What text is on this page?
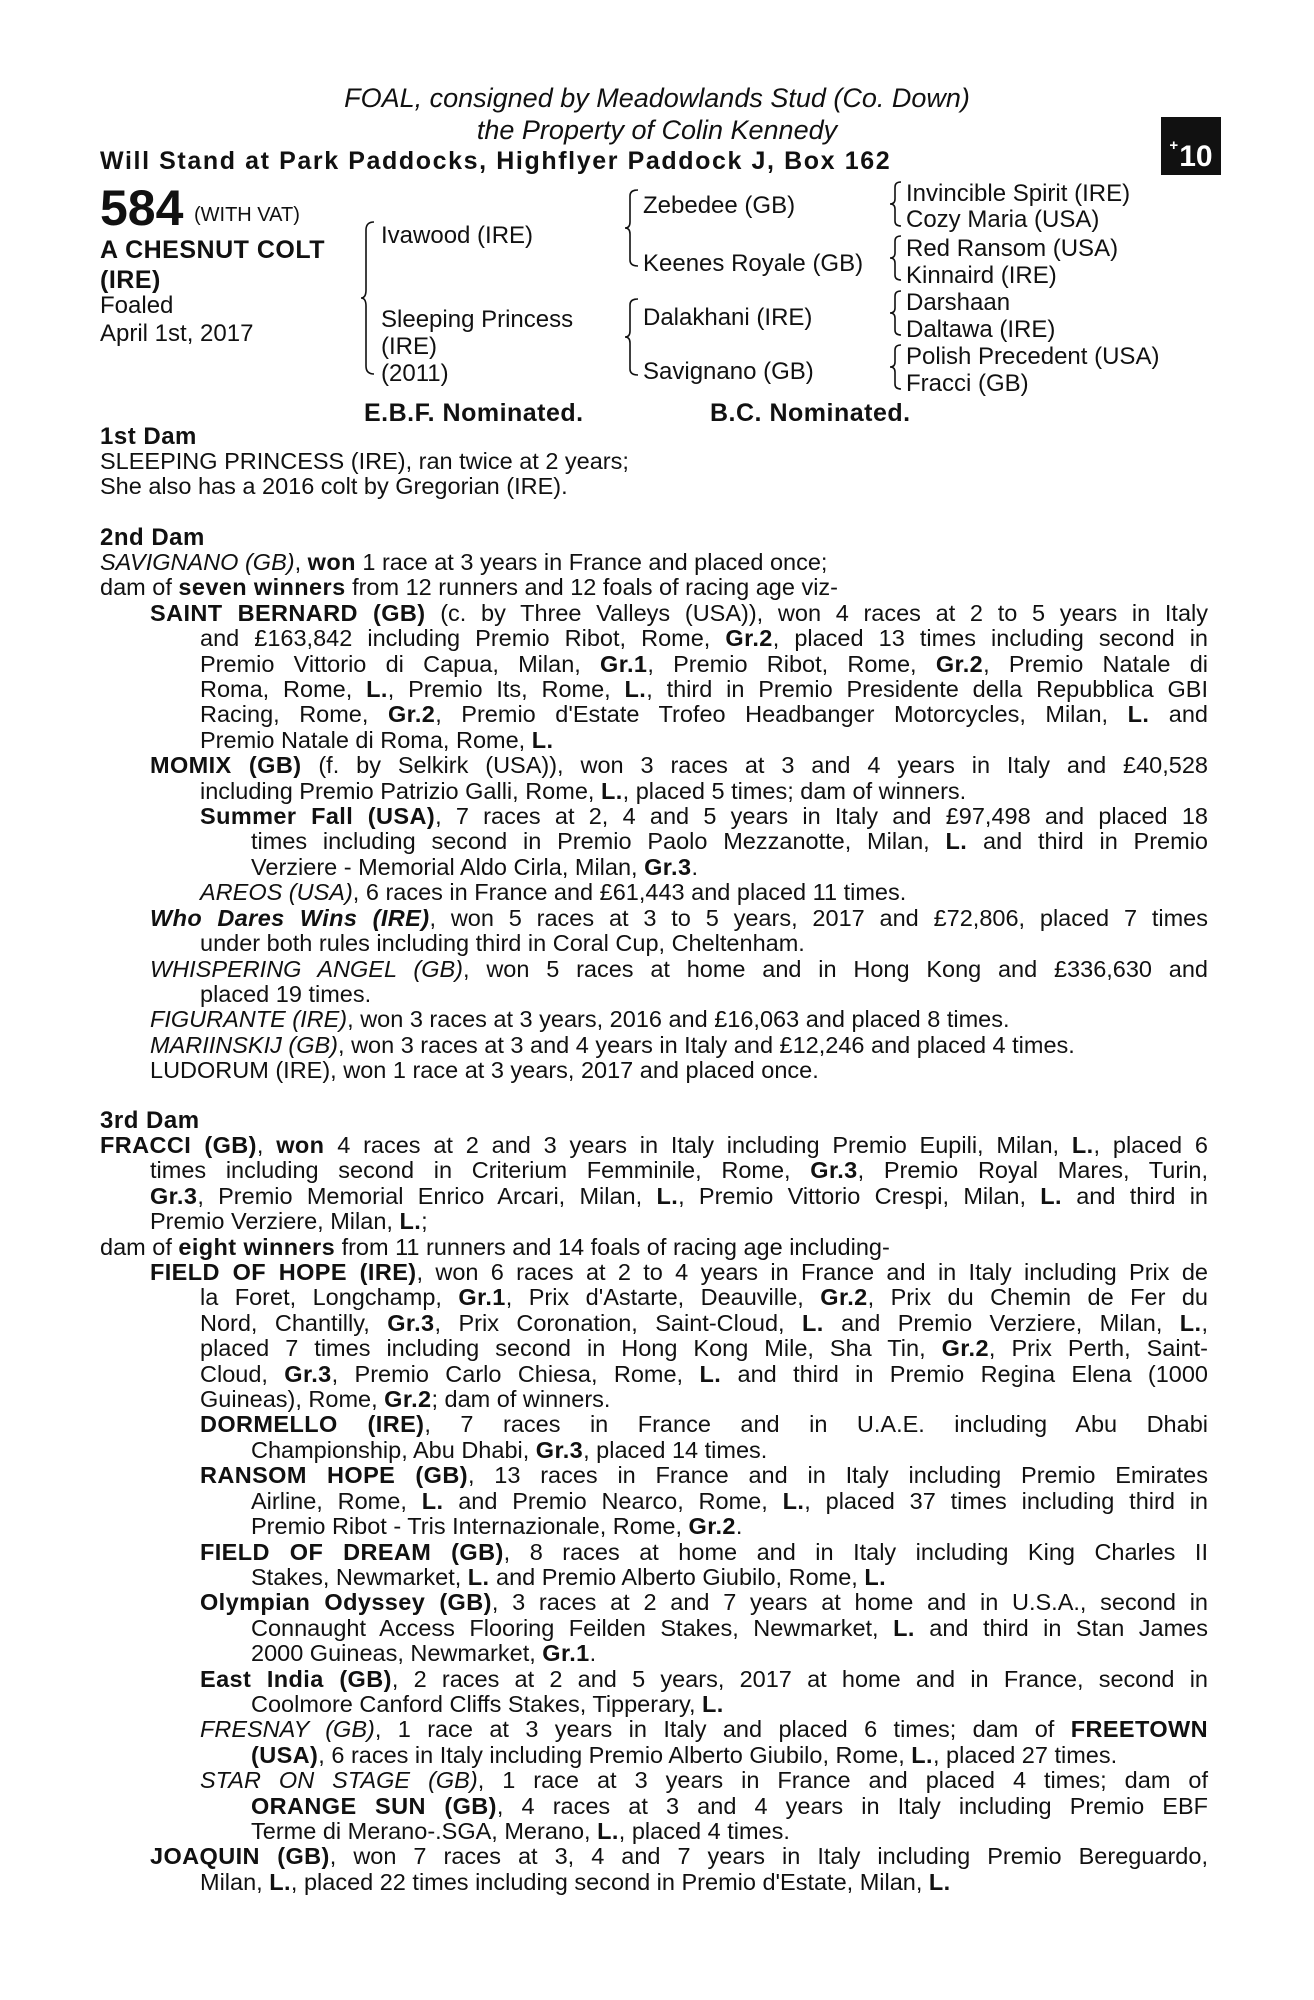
FOAL, consigned by Meadowlands Stud (Co. Down)
the Property of Colin Kennedy
Will Stand at Park Paddocks, Highflyer Paddock J, Box 162
+10
584 (WITH VAT)
A CHESNUT COLT
(IRE)
Foaled
April 1st, 2017
Ivawood (IRE)
Sleeping Princess
(IRE)
(2011)
Zebedee (GB)
Keenes Royale (GB)
Dalakhani (IRE)
Savignano (GB)
Invincible Spirit (IRE)
Cozy Maria (USA)
Red Ransom (USA)
Kinnaird (IRE)
Darshaan
Daltawa (IRE)
Polish Precedent (USA)
Fracci (GB)
E.B.F. Nominated.	B.C. Nominated.
1st Dam
SLEEPING PRINCESS (IRE), ran twice at 2 years;
She also has a 2016 colt by Gregorian (IRE).
2nd Dam
SAVIGNANO (GB), won 1 race at 3 years in France and placed once;
dam of seven winners from 12 runners and 12 foals of racing age viz-
SAINT BERNARD (GB) (c. by Three Valleys (USA)), won 4 races at 2 to 5 years in Italy
and £163,842 including Premio Ribot, Rome, Gr.2, placed 13 times including second in
Premio Vittorio di Capua, Milan, Gr.1, Premio Ribot, Rome, Gr.2, Premio Natale di
Roma, Rome, L., Premio Its, Rome, L., third in Premio Presidente della Repubblica GBI
Racing, Rome, Gr.2, Premio d'Estate Trofeo Headbanger Motorcycles, Milan, L. and
Premio Natale di Roma, Rome, L.
MOMIX (GB) (f. by Selkirk (USA)), won 3 races at 3 and 4 years in Italy and £40,528
including Premio Patrizio Galli, Rome, L., placed 5 times; dam of winners.
Summer Fall (USA), 7 races at 2, 4 and 5 years in Italy and £97,498 and placed 18
times including second in Premio Paolo Mezzanotte, Milan, L. and third in Premio
Verziere - Memorial Aldo Cirla, Milan, Gr.3.
AREOS (USA), 6 races in France and £61,443 and placed 11 times.
Who Dares Wins (IRE), won 5 races at 3 to 5 years, 2017 and £72,806, placed 7 times
under both rules including third in Coral Cup, Cheltenham.
WHISPERING ANGEL (GB), won 5 races at home and in Hong Kong and £336,630 and
placed 19 times.
FIGURANTE (IRE), won 3 races at 3 years, 2016 and £16,063 and placed 8 times.
MARIINSKIJ (GB), won 3 races at 3 and 4 years in Italy and £12,246 and placed 4 times.
LUDORUM (IRE), won 1 race at 3 years, 2017 and placed once.
3rd Dam
FRACCI (GB), won 4 races at 2 and 3 years in Italy including Premio Eupili, Milan, L., placed 6
times including second in Criterium Femminile, Rome, Gr.3, Premio Royal Mares, Turin,
Gr.3, Premio Memorial Enrico Arcari, Milan, L., Premio Vittorio Crespi, Milan, L. and third in
Premio Verziere, Milan, L.;
dam of eight winners from 11 runners and 14 foals of racing age including-
FIELD OF HOPE (IRE), won 6 races at 2 to 4 years in France and in Italy including Prix de
la Foret, Longchamp, Gr.1, Prix d'Astarte, Deauville, Gr.2, Prix du Chemin de Fer du
Nord, Chantilly, Gr.3, Prix Coronation, Saint-Cloud, L. and Premio Verziere, Milan, L.,
placed 7 times including second in Hong Kong Mile, Sha Tin, Gr.2, Prix Perth, Saint-
Cloud, Gr.3, Premio Carlo Chiesa, Rome, L. and third in Premio Regina Elena (1000
Guineas), Rome, Gr.2; dam of winners.
DORMELLO (IRE), 7 races in France and in U.A.E. including Abu Dhabi
Championship, Abu Dhabi, Gr.3, placed 14 times.
RANSOM HOPE (GB), 13 races in France and in Italy including Premio Emirates
Airline, Rome, L. and Premio Nearco, Rome, L., placed 37 times including third in
Premio Ribot - Tris Internazionale, Rome, Gr.2.
FIELD OF DREAM (GB), 8 races at home and in Italy including King Charles II
Stakes, Newmarket, L. and Premio Alberto Giubilo, Rome, L.
Olympian Odyssey (GB), 3 races at 2 and 7 years at home and in U.S.A., second in
Connaught Access Flooring Feilden Stakes, Newmarket, L. and third in Stan James
2000 Guineas, Newmarket, Gr.1.
East India (GB), 2 races at 2 and 5 years, 2017 at home and in France, second in
Coolmore Canford Cliffs Stakes, Tipperary, L.
FRESNAY (GB), 1 race at 3 years in Italy and placed 6 times; dam of FREETOWN
(USA), 6 races in Italy including Premio Alberto Giubilo, Rome, L., placed 27 times.
STAR ON STAGE (GB), 1 race at 3 years in France and placed 4 times; dam of
ORANGE SUN (GB), 4 races at 3 and 4 years in Italy including Premio EBF
Terme di Merano-.SGA, Merano, L., placed 4 times.
JOAQUIN (GB), won 7 races at 3, 4 and 7 years in Italy including Premio Bereguardo,
Milan, L., placed 22 times including second in Premio d'Estate, Milan, L.
